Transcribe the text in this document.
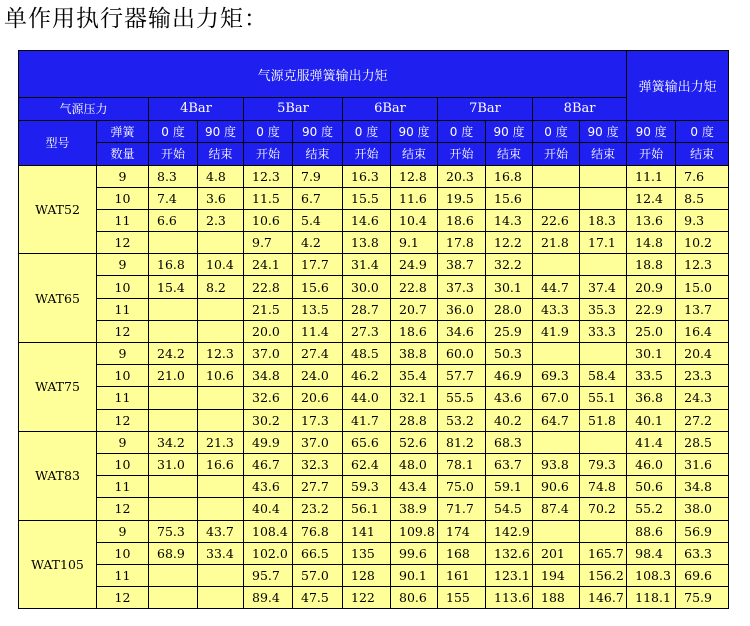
单作用执行器输出力矩：
气源克服弹簧输出力矩												弹簧输出力矩	
气源压力		4Bar		5Bar		6Bar		7Bar		8Bar			
型号	弹簧	0 度	90 度	0 度	90 度	0 度	90 度	0 度	90 度	0 度	90 度	90 度	0 度
	数量	开始	结束	开始	结束	开始	结束	开始	结束	开始	结束	开始	结束
WAT52	9	8.3	4.8	12.3	7.9	16.3	12.8	20.3	16.8			11.1	7.6
	10	7.4	3.6	11.5	6.7	15.5	11.6	19.5	15.6			12.4	8.5
	11	6.6	2.3	10.6	5.4	14.6	10.4	18.6	14.3	22.6	18.3	13.6	9.3
	12			9.7	4.2	13.8	9.1	17.8	12.2	21.8	17.1	14.8	10.2
WAT65	9	16.8	10.4	24.1	17.7	31.4	24.9	38.7	32.2			18.8	12.3
	10	15.4	8.2	22.8	15.6	30.0	22.8	37.3	30.1	44.7	37.4	20.9	15.0
	11			21.5	13.5	28.7	20.7	36.0	28.0	43.3	35.3	22.9	13.7
	12			20.0	11.4	27.3	18.6	34.6	25.9	41.9	33.3	25.0	16.4
WAT75	9	24.2	12.3	37.0	27.4	48.5	38.8	60.0	50.3			30.1	20.4
	10	21.0	10.6	34.8	24.0	46.2	35.4	57.7	46.9	69.3	58.4	33.5	23.3
	11			32.6	20.6	44.0	32.1	55.5	43.6	67.0	55.1	36.8	24.3
	12			30.2	17.3	41.7	28.8	53.2	40.2	64.7	51.8	40.1	27.2
WAT83	9	34.2	21.3	49.9	37.0	65.6	52.6	81.2	68.3			41.4	28.5
	10	31.0	16.6	46.7	32.3	62.4	48.0	78.1	63.7	93.8	79.3	46.0	31.6
	11			43.6	27.7	59.3	43.4	75.0	59.1	90.6	74.8	50.6	34.8
	12			40.4	23.2	56.1	38.9	71.7	54.5	87.4	70.2	55.2	38.0
WAT105	9	75.3	43.7	108.4	76.8	141	109.8	174	142.9			88.6	56.9
	10	68.9	33.4	102.0	66.5	135	99.6	168	132.6	201	165.7	98.4	63.3
	11			95.7	57.0	128	90.1	161	123.1	194	156.2	108.3	69.6
	12			89.4	47.5	122	80.6	155	113.6	188	146.7	118.1	75.9
